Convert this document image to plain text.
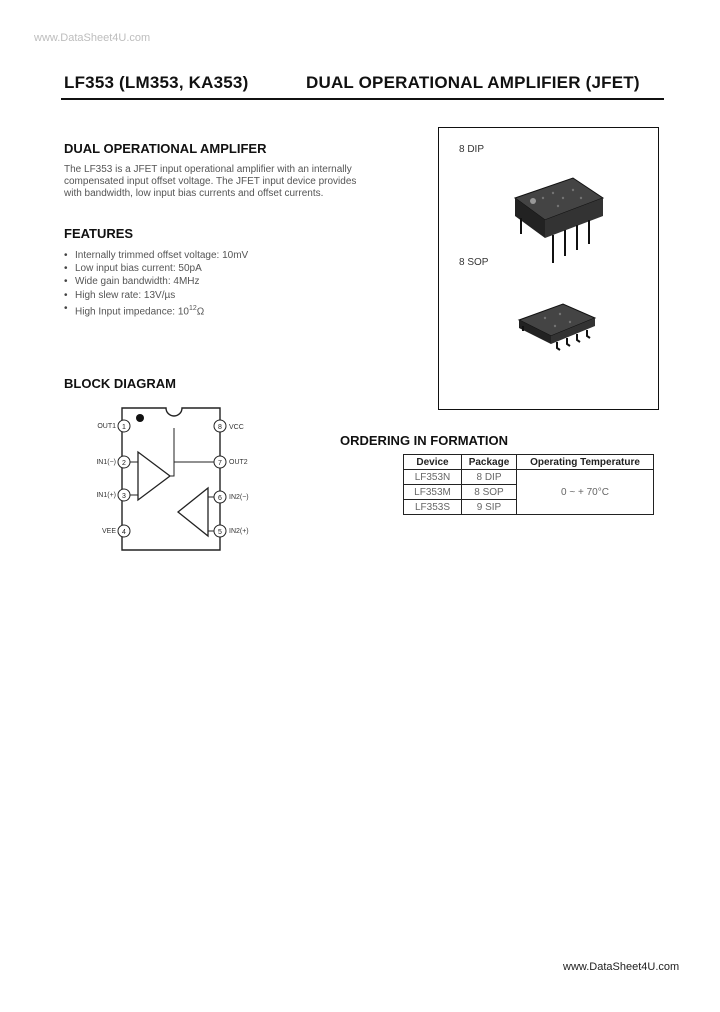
www.DataSheet4U.com
LF353 (LM353, KA353)	DUAL OPERATIONAL AMPLIFIER (JFET)
DUAL OPERATIONAL AMPLIFER
The LF353 is a JFET input operational amplifier with an internally
compensated input offset voltage. The JFET input device provides
with bandwidth, low input bias currents and offset currents.
FEATURES
• Internally trimmed offset voltage: 10mV
• Low input bias current: 50pA
• Wide gain bandwidth: 4MHz
• High slew rate: 13V/µs
• High Input impedance: $10^{12}\Omega$
8 DIP
8 SOP
BLOCK DIAGRAM
1
2
3
4
8
7
6
5
OUT1
IN1(−)
IN1(+)
VEE
VCC
OUT2
IN2(−)
IN2(+)
ORDERING IN FORMATION
Device	Package	Operating Temperature
LF353N	8 DIP	0 ~ + 70°C
LF353M	8 SOP	
LF353S	9 SIP	
www.DataSheet4U.com
